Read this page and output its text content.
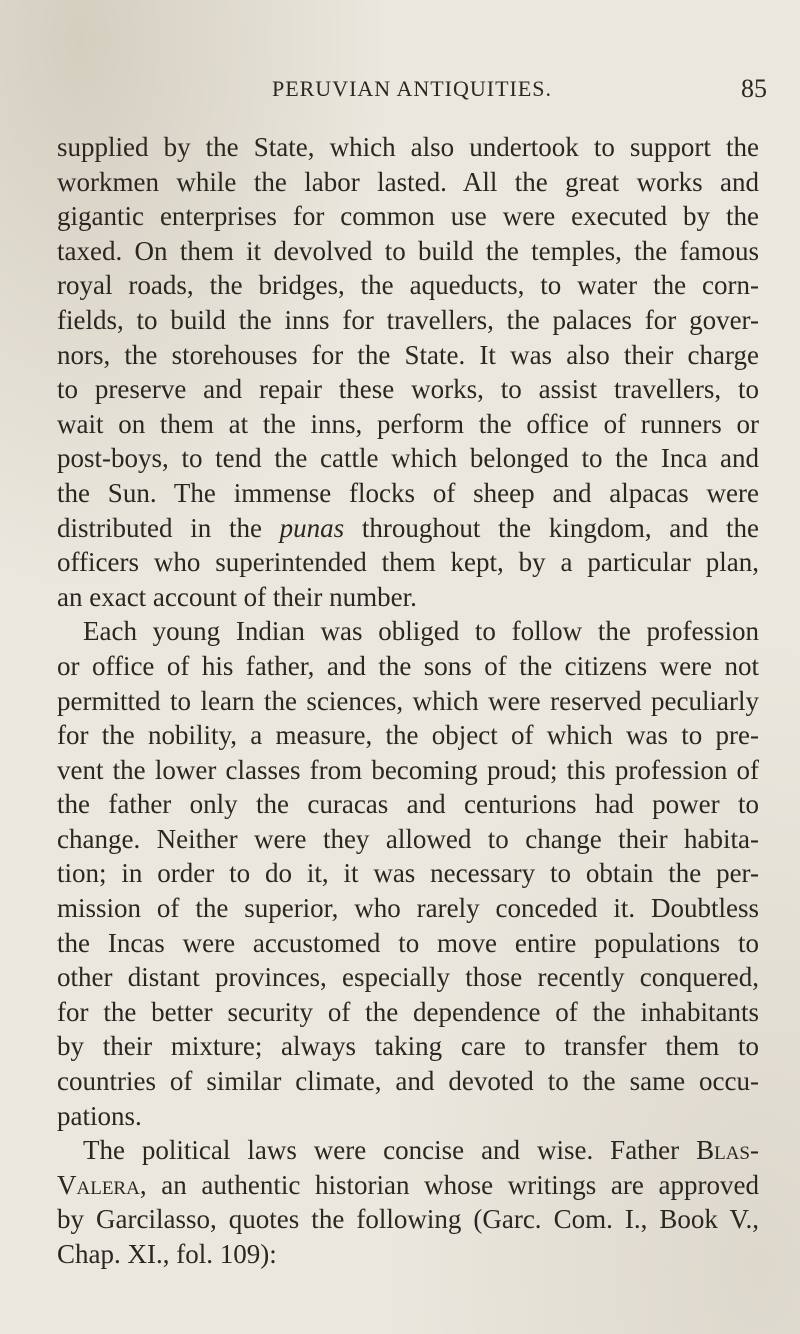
PERUVIAN ANTIQUITIES.	85
supplied by the State, which also undertook to support the
workmen while the labor lasted. All the great works and
gigantic enterprises for common use were executed by the
taxed. On them it devolved to build the temples, the famous
royal roads, the bridges, the aqueducts, to water the corn-
fields, to build the inns for travellers, the palaces for gover-
nors, the storehouses for the State. It was also their charge
to preserve and repair these works, to assist travellers, to
wait on them at the inns, perform the office of runners or
post-boys, to tend the cattle which belonged to the Inca and
the Sun. The immense flocks of sheep and alpacas were
distributed in the punas throughout the kingdom, and the
officers who superintended them kept, by a particular plan,
an exact account of their number.
Each young Indian was obliged to follow the profession
or office of his father, and the sons of the citizens were not
permitted to learn the sciences, which were reserved peculiarly
for the nobility, a measure, the object of which was to pre-
vent the lower classes from becoming proud; this profession of
the father only the curacas and centurions had power to
change. Neither were they allowed to change their habita-
tion; in order to do it, it was necessary to obtain the per-
mission of the superior, who rarely conceded it. Doubtless
the Incas were accustomed to move entire populations to
other distant provinces, especially those recently conquered,
for the better security of the dependence of the inhabitants
by their mixture; always taking care to transfer them to
countries of similar climate, and devoted to the same occu-
pations.
The political laws were concise and wise. Father Blas-
Valera, an authentic historian whose writings are approved
by Garcilasso, quotes the following (Garc. Com. I., Book V.,
Chap. XI., fol. 109):
